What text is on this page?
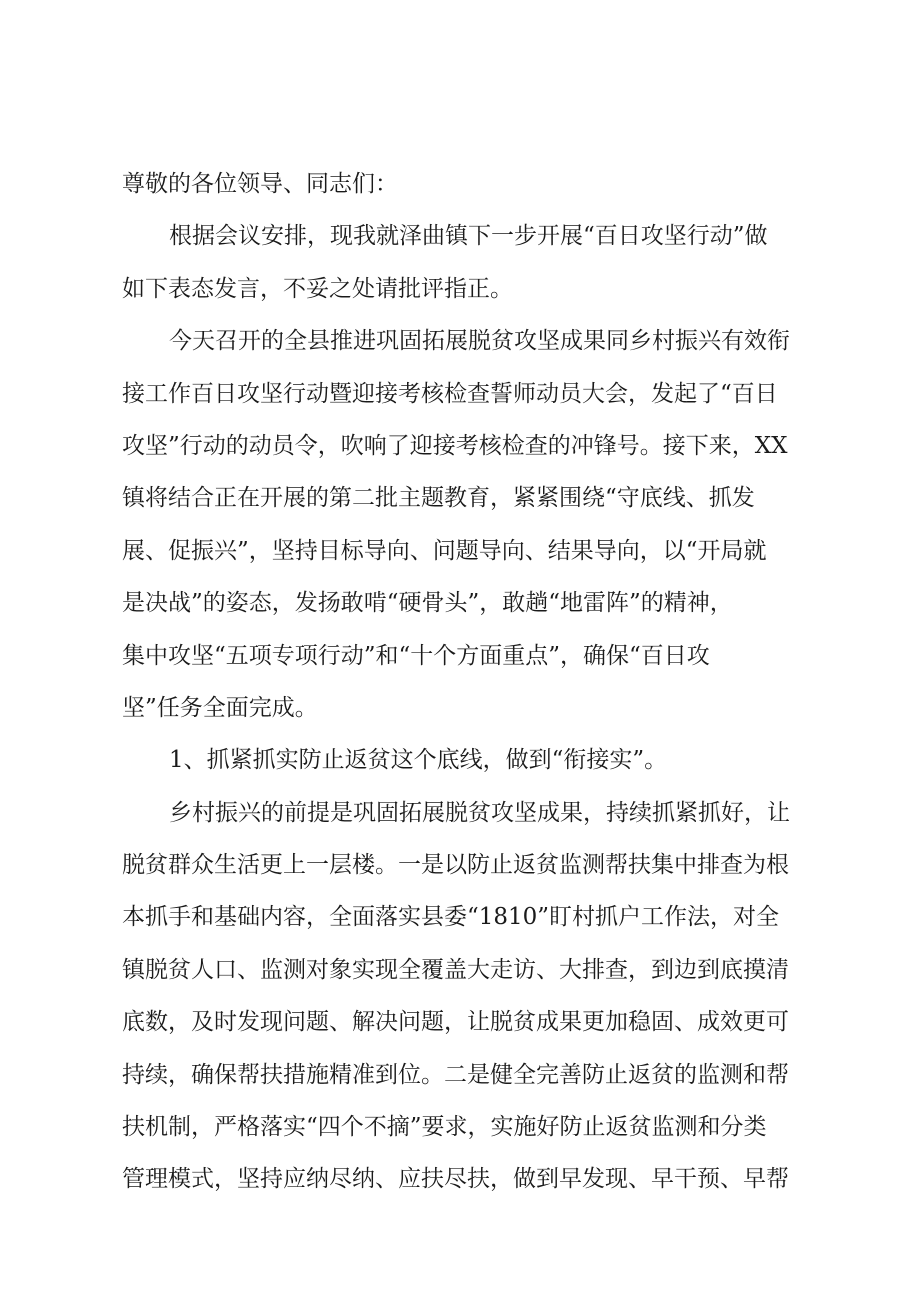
尊敬的各位领导、同志们：
根据会议安排，现我就泽曲镇下一步开展“百日攻坚行动”做
如下表态发言，不妥之处请批评指正。
今天召开的全县推进巩固拓展脱贫攻坚成果同乡村振兴有效衔
接工作百日攻坚行动暨迎接考核检查誓师动员大会，发起了“百日
攻坚”行动的动员令，吹响了迎接考核检查的冲锋号。接下来，XX
镇将结合正在开展的第二批主题教育，紧紧围绕“守底线、抓发
展、促振兴”，坚持目标导向、问题导向、结果导向，以“开局就
是决战”的姿态，发扬敢啃“硬骨头”，敢趟“地雷阵”的精神，
集中攻坚“五项专项行动”和“十个方面重点”，确保“百日攻
坚”任务全面完成。
1、抓紧抓实防止返贫这个底线，做到“衔接实”。
乡村振兴的前提是巩固拓展脱贫攻坚成果，持续抓紧抓好，让
脱贫群众生活更上一层楼。一是以防止返贫监测帮扶集中排查为根
本抓手和基础内容，全面落实县委“1810”盯村抓户工作法，对全
镇脱贫人口、监测对象实现全覆盖大走访、大排查，到边到底摸清
底数，及时发现问题、解决问题，让脱贫成果更加稳固、成效更可
持续，确保帮扶措施精准到位。二是健全完善防止返贫的监测和帮
扶机制，严格落实“四个不摘”要求，实施好防止返贫监测和分类
管理模式，坚持应纳尽纳、应扶尽扶，做到早发现、早干预、早帮
